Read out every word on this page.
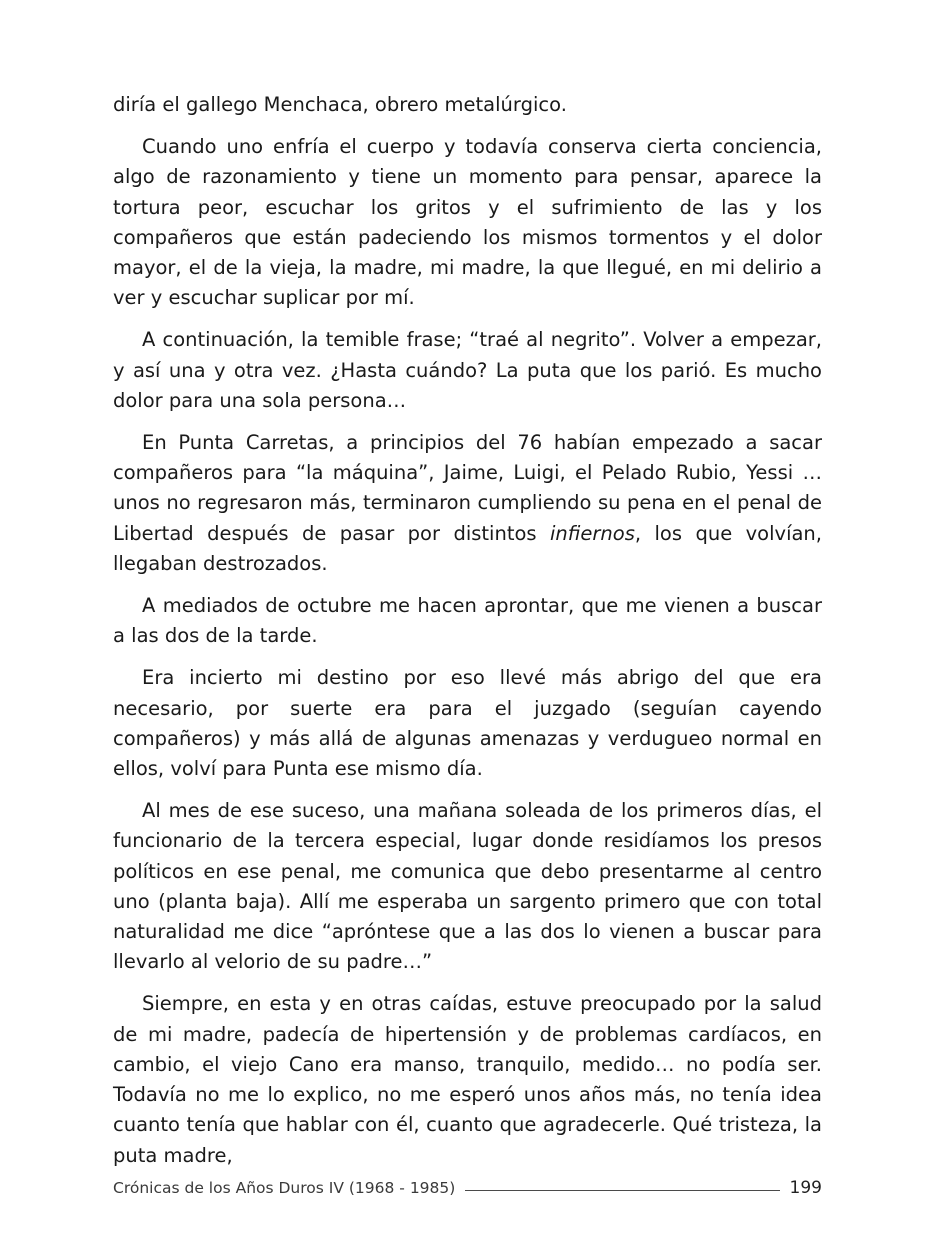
diría el gallego Menchaca, obrero metalúrgico.

Cuando uno enfría el cuerpo y todavía conserva cierta conciencia, algo de razonamiento y tiene un momento para pensar, aparece la tortura peor, escuchar los gritos y el sufrimiento de las y los compañeros que están padeciendo los mismos tormentos y el dolor mayor, el de la vieja, la madre, mi madre, la que llegué, en mi delirio a ver y escuchar suplicar por mí.

A continuación, la temible frase; “traé al negrito”. Volver a empezar, y así una y otra vez. ¿Hasta cuándo? La puta que los parió. Es mucho dolor para una sola persona…

En Punta Carretas, a principios del 76 habían empezado a sacar compañeros para “la máquina”, Jaime, Luigi, el Pelado Rubio, Yessi … unos no regresaron más, terminaron cumpliendo su pena en el penal de Libertad después de pasar por distintos infiernos, los que volvían, llegaban destrozados.

A mediados de octubre me hacen aprontar, que me vienen a buscar a las dos de la tarde.

Era incierto mi destino por eso llevé más abrigo del que era necesario, por suerte era para el juzgado (seguían cayendo compañeros) y más allá de algunas amenazas y verdugueo normal en ellos, volví para Punta ese mismo día.

Al mes de ese suceso, una mañana soleada de los primeros días, el funcionario de la tercera especial, lugar donde residíamos los presos políticos en ese penal, me comunica que debo presentarme al centro uno (planta baja). Allí me esperaba un sargento primero que con total naturalidad me dice “aprόntese que a las dos lo vienen a buscar para llevarlo al velorio de su padre…”

Siempre, en esta y en otras caídas, estuve preocupado por la salud de mi madre, padecía de hipertensión y de problemas cardíacos, en cambio, el viejo Cano era manso, tranquilo, medido… no podía ser. Todavía no me lo explico, no me esperó unos años más, no tenía idea cuanto tenía que hablar con él, cuanto que agradecerle. Qué tristeza, la puta madre,

Crónicas de los Años Duros IV (1968 - 1985)	199
